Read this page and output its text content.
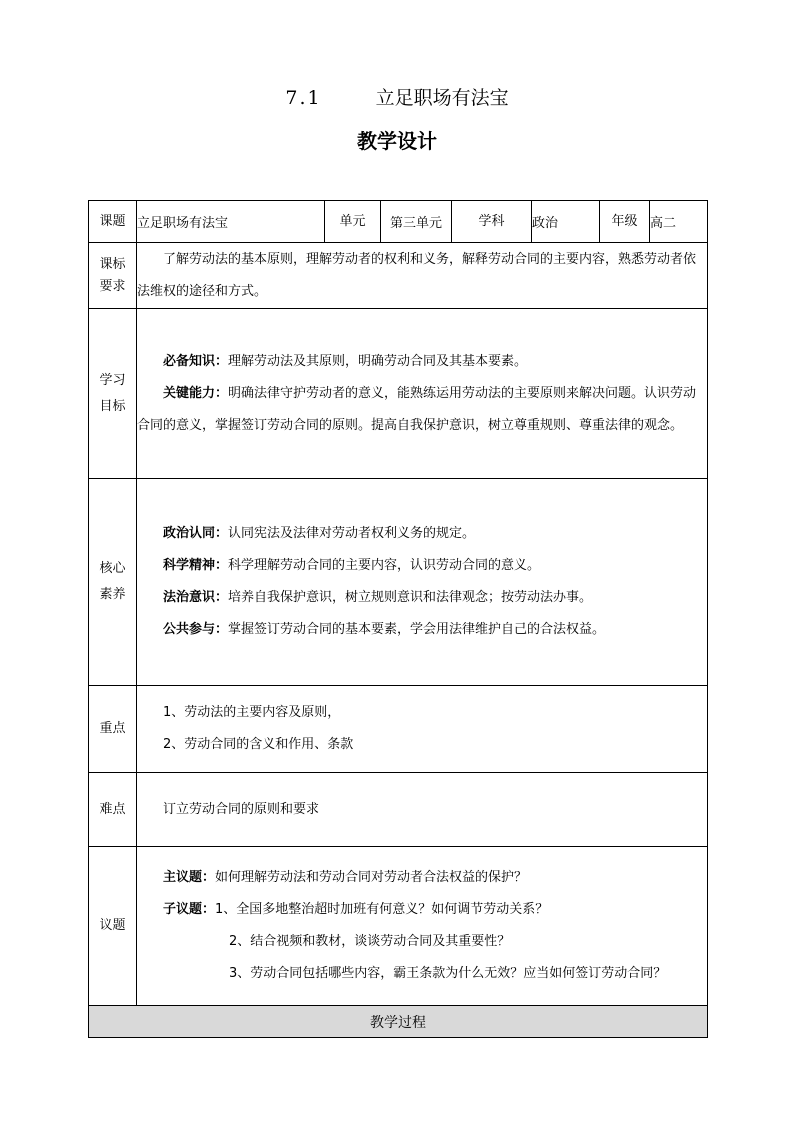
7.1	立足职场有法宝
教学设计
课题	立足职场有法宝	单元	第三单元	学科	政治	年级	高二

课标要求	了解劳动法的基本原则，理解劳动者的权利和义务，解释劳动合同的主要内容，熟悉劳动者依法维权的途径和方式。						

学习目标	必备知识：理解劳动法及其原则，明确劳动合同及其基本要素。

关键能力：明确法律守护劳动者的意义，能熟练运用劳动法的主要原则来解决问题。认识劳动合同的意义，掌握签订劳动合同的原则。提高自我保护意识，树立尊重规则、尊重法律的观念。						

核心素养	政治认同：认同宪法及法律对劳动者权利义务的规定。

科学精神：科学理解劳动合同的主要内容，认识劳动合同的意义。

法治意识：培养自我保护意识，树立规则意识和法律观念；按劳动法办事。

公共参与：掌握签订劳动合同的基本要素，学会用法律维护自己的合法权益。						

重点	1、劳动法的主要内容及原则，

2、劳动合同的含义和作用、条款						

难点	订立劳动合同的原则和要求						

议题	主议题：如何理解劳动法和劳动合同对劳动者合法权益的保护？

子议题：1、全国多地整治超时加班有何意义？如何调节劳动关系？

2、结合视频和教材，谈谈劳动合同及其重要性？

3、劳动合同包括哪些内容，霸王条款为什么无效？应当如何签订劳动合同？						

教学过程							
